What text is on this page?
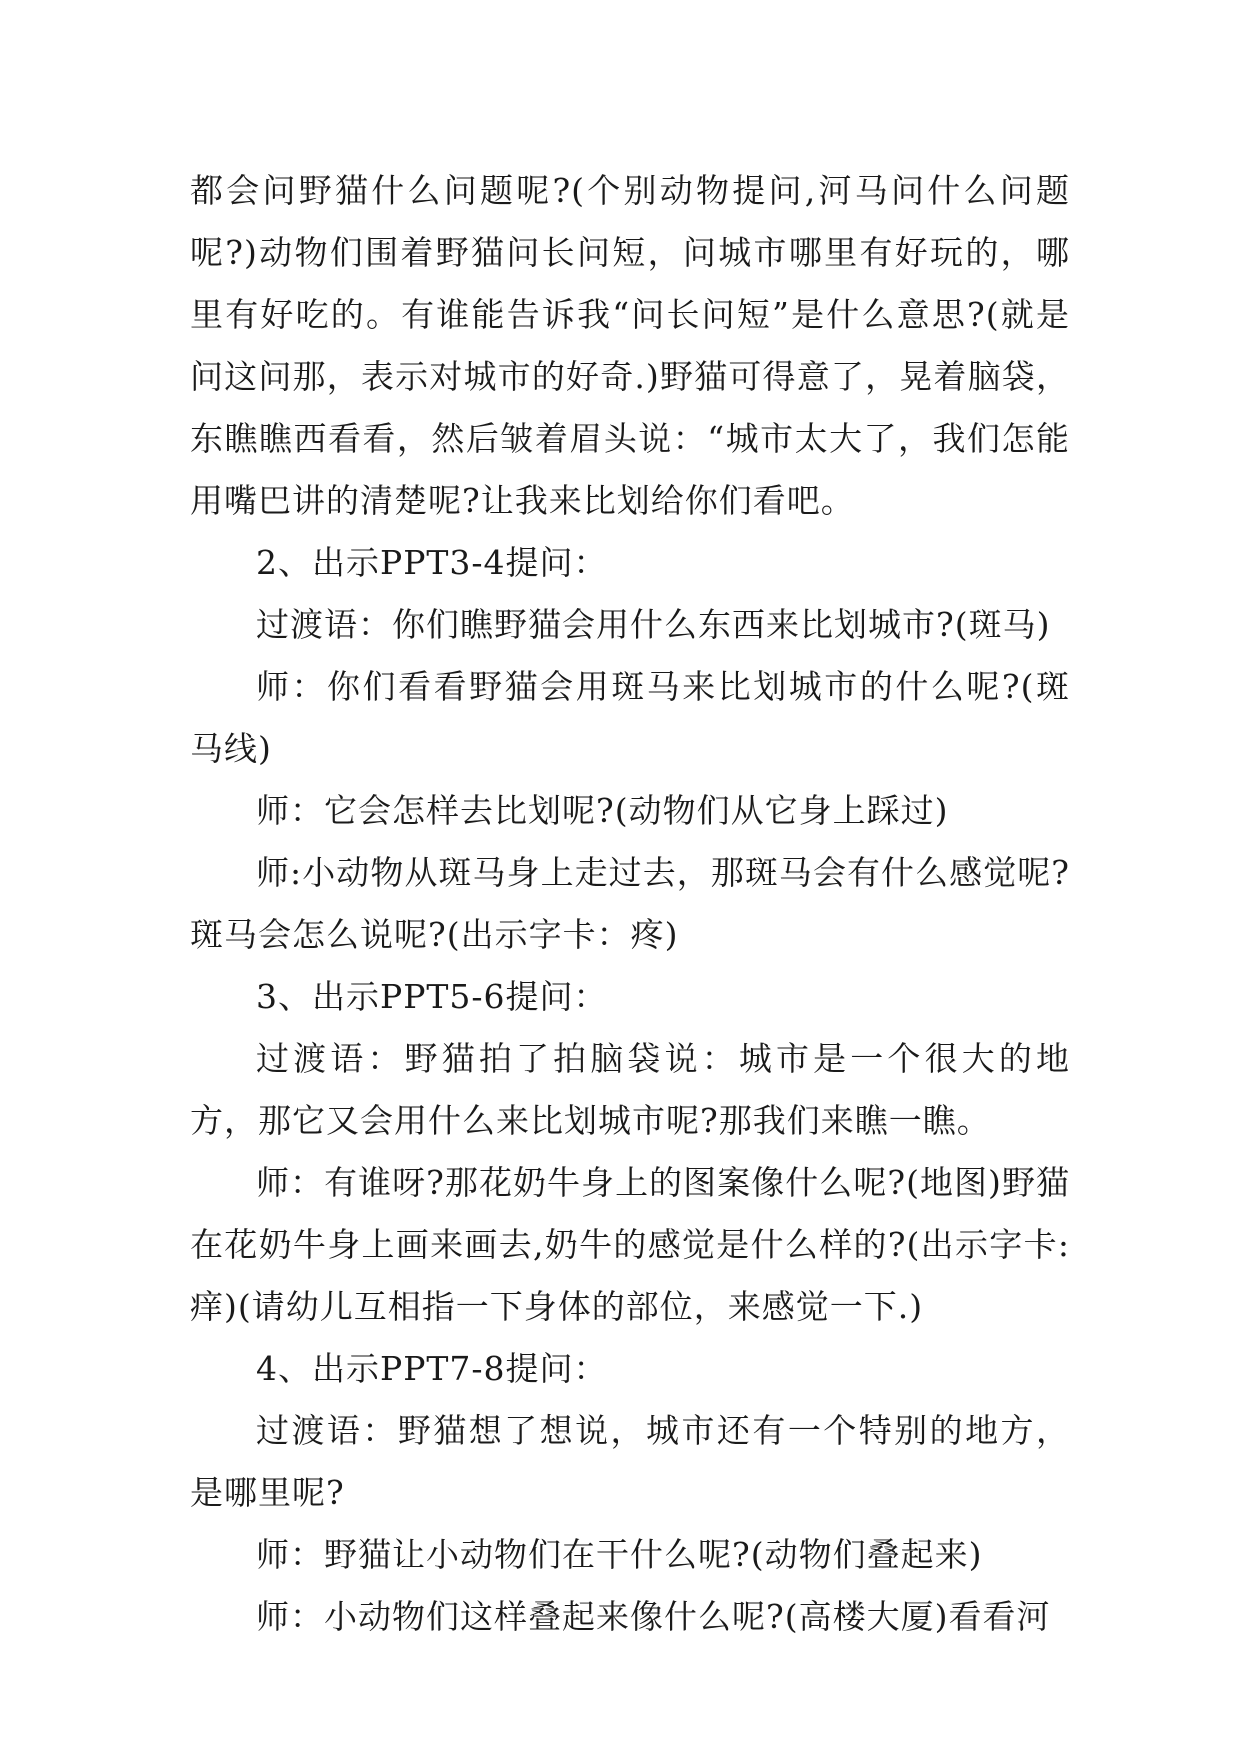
都会问野猫什么问题呢?(个别动物提问,河马问什么问题呢?)动物们围着野猫问长问短，问城市哪里有好玩的，哪里有好吃的。有谁能告诉我“问长问短”是什么意思?(就是问这问那，表示对城市的好奇.)野猫可得意了，晃着脑袋，东瞧瞧西看看，然后皱着眉头说：“城市太大了，我们怎能用嘴巴讲的清楚呢?让我来比划给你们看吧。

2、出示PPT3-4提问：

过渡语：你们瞧野猫会用什么东西来比划城市?(斑马)

师：你们看看野猫会用斑马来比划城市的什么呢?(斑马线)

师：它会怎样去比划呢?(动物们从它身上踩过)

师:小动物从斑马身上走过去，那斑马会有什么感觉呢?斑马会怎么说呢?(出示字卡：疼)

3、出示PPT5-6提问：

过渡语：野猫拍了拍脑袋说：城市是一个很大的地方，那它又会用什么来比划城市呢?那我们来瞧一瞧。

师：有谁呀?那花奶牛身上的图案像什么呢?(地图)野猫在花奶牛身上画来画去,奶牛的感觉是什么样的?(出示字卡:痒)(请幼儿互相指一下身体的部位，来感觉一下.)

4、出示PPT7-8提问：

过渡语：野猫想了想说，城市还有一个特别的地方，是哪里呢?

师：野猫让小动物们在干什么呢?(动物们叠起来)

师：小动物们这样叠起来像什么呢?(高楼大厦)看看河
